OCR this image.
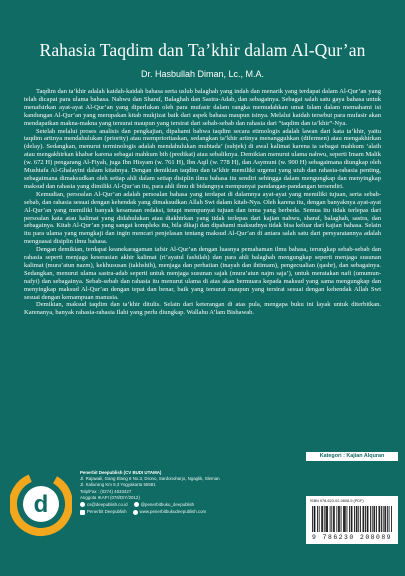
Rahasia Taqdim dan Ta’khir dalam Al-Qur’an
Dr. Hasbullah Diman, Lc., M.A.

Taqdim dan ta’khir adalah kaidah-kaidah bahasa serta uslub balaghah yang indah dan menarik yang terdapat dalam Al-Qur’an yang telah dicapai para ulama bahasa. Nahwu dan Sharaf, Balaghah dan Sastra-Adab, dan sebagainya. Sebagai salah satu gaya bahasa untuk menafsirkan ayat-ayat Al-Qur’an yang diperlukan oleh para mufasir dalam rangka memudahkan umat Islam dalam memahami isi kandungan Al-Qur’an yang merupakan kitab mukjizat baik dari aspek bahasa maupun isinya. Melalui kaidah tersebut para mufasir akan mendapatkan makna-makna yang tersurat maupun yang tersirat dari sebab-sebab dan rahasia dari “taqdim dan ta’khir”-Nya.

Setelah melalui proses analisis dan pengkajian, dipahami bahwa taqdim secara etimologis adalah lawan dari kata ta’khir, yaitu taqdim artinya mendahulukan (priority) atau memprioritaskan, sedangkan ta’khir artinya menangguhkan (difermen) atau mengakhirkan (delay). Sedangkan, menurut terminologis adalah mendahulukan mubtada’ (subjek) di awal kalimat karena ia sebagai mahkum ‘alaih atau mengakhirkan khabar karena sebagai mahkum bih (predikat) atau sebaliknya. Demikian menurut ulama nahwu, seperti Imam Malik (w. 672 H) pengarang Al-Fiyah, juga Ibn Hisyam (w. 761 H), Ibn Aqil (w. 778 H), dan Asymuni (w. 900 H) sebagaimana diungkap oleh Mushtafa Al-Ghalayini dalam kitabnya. Dengan demikian taqdim dan ta’khir memiliki urgensi yang utuh dan rahasia-rahasia penting, sebagaimana dimaksudkan oleh setiap ahli dalam setiap disiplin ilmu bahasa itu sendiri sehingga dalam mengungkap dan menyingkap maksud dan rahasia yang dimiliki Al-Qur’an itu, para ahli ilmu di bidangnya mempunyai pandangan-pandangan tersendiri.

Kemudian, persoalan Al-Qur’an adalah persoalan bahasa yang terdapat di dalamnya ayat-ayat yang memiliki tujuan, serta sebab-sebab, dan rahasia sesuai dengan kehendak yang dimaksudkan Allah Swt dalam kitab-Nya. Oleh karena itu, dengan banyaknya ayat-ayat Al-Qur’an yang memiliki banyak kesamaan redaksi, tetapi mempunyai tujuan dan tema yang berbeda. Semua itu tidak terlepas dari persoalan kata atau kalimat yang didahulukan atau diakhirkan yang tidak terlepas dari kajian nahwu, sharaf, balaghah, sastra, dan sebagainya. Kitab Al-Qur’an yang sangat kompleks itu, bila dikaji dan dipahami maksudnya tidak bisa keluar dari kajian bahasa. Selain itu para ulama yang mengkaji dan ingin mencari penjelasan tentang maksud Al-Qur’an di antara salah satu dari persyaratannya adalah menguasai disiplin ilmu bahasa.

Dengan demikian, terdapat keanekaragaman tafsir Al-Qur’an dengan luasnya pemahaman ilmu bahasa, terungkap sebab-sebab dan rahasia seperti menjaga keserasian akhir kalimat (ri’ayatul fashilah) dan para ahli balaghah mengungkap seperti menjaga susunan kalimat (mura’atun nazm), kekhususan (takhshih), menjaga dan perhatian (inayah dan ihtimam), pengecualian (qashr), dan sebagainya. Sedangkan, menurut ulama sastra-adab seperti untuk menjaga susunan sajak (mura’atun najm saja’), untuk meratakan nafi (umumun-nafyi) dan sebagainya. Sebab-sebab dan rahasia itu menurut ulama di atas akan bermuara kepada maksud yang sama mengungkap dan menyingkap maksud Al-Qur’an dengan tepat dan benar, baik yang tersurat maupun yang tersirat sesuai dengan kehendak Allah Swt sesuai dengan kemampuan manusia.

Demikian, maksud taqdim dan ta’khir ditulis. Selain dari keterangan di atas pula, mengapa buku ini layak untuk diterbitkan. Karenanya, banyak rahasia-rahasia Ilahi yang perlu diungkap. Wallahu A’lam Bishawab.

d
Penerbit Deepublish (CV BUDI UTAMA)
Jl. Rajawali, Gang Elang 6 No.3, Drono, Sardonoharjo, Ngaglik, Sleman
Jl. Kaliurang Km 9,3 Yogyakarta 55581
Telp/Fax : (0274) 4533427
Anggota IKAPI (076/DIY/2012)
cs@deepublish.co.id	@penerbitbuku_deepublish
Penerbit Deepublish	www.penerbitbukudeepublish.com
Kategori : Kajian Alquran
ISBN 978-623-02-0808-9 (PDF)
9 786230 208089
